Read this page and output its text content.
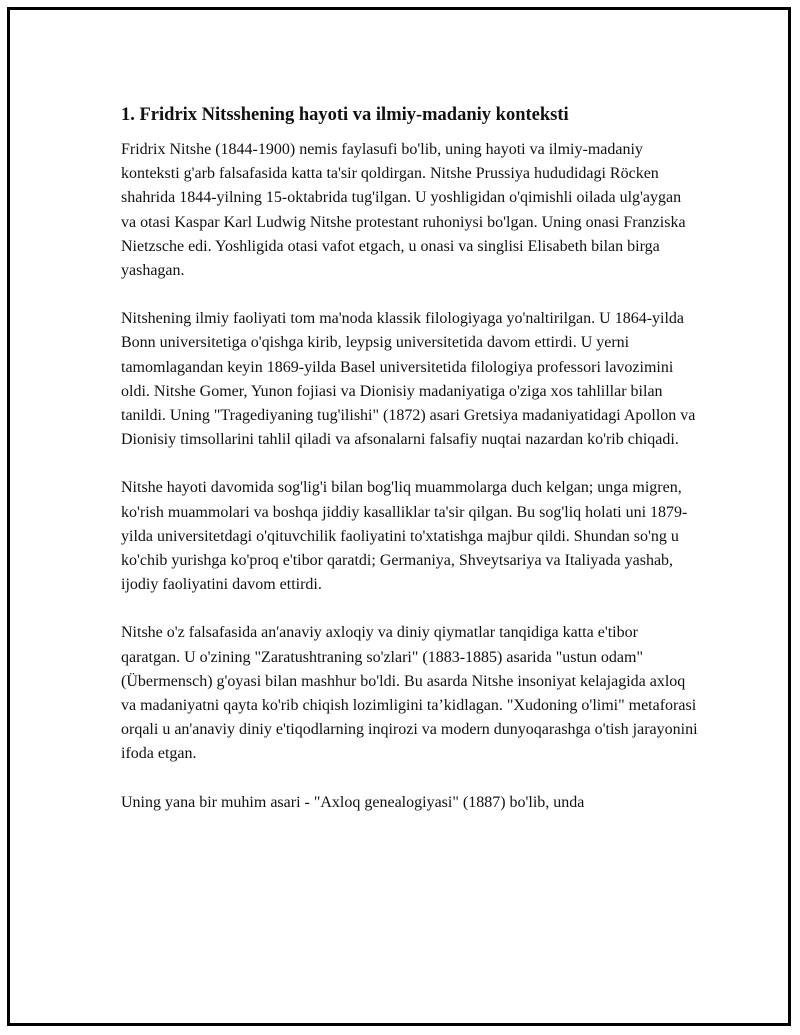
1. Fridrix Nitsshening hayoti va ilmiy-madaniy konteksti

Fridrix Nitshe (1844-1900) nemis faylasufi bo'lib, uning hayoti va ilmiy-madaniy konteksti g'arb falsafasida katta ta'sir qoldirgan. Nitshe Prussiya hududidagi Röcken shahrida 1844-yilning 15-oktabrida tug'ilgan. U yoshligidan o'qimishli oilada ulg'aygan va otasi Kaspar Karl Ludwig Nitshe protestant ruhoniysi bo'lgan. Uning onasi Franziska Nietzsche edi. Yoshligida otasi vafot etgach, u onasi va singlisi Elisabeth bilan birga yashagan.

Nitshening ilmiy faoliyati tom ma'noda klassik filologiyaga yo'naltirilgan. U 1864-yilda Bonn universitetiga o'qishga kirib, leypsig universitetida davom ettirdi. U yerni tamomlagandan keyin 1869-yilda Basel universitetida filologiya professori lavozimini oldi. Nitshe Gomer, Yunon fojiasi va Dionisiy madaniyatiga o'ziga xos tahlillar bilan tanildi. Uning "Tragediyaning tug'ilishi" (1872) asari Gretsiya madaniyatidagi Apollon va Dionisiy timsollarini tahlil qiladi va afsonalarni falsafiy nuqtai nazardan ko'rib chiqadi.

Nitshe hayoti davomida sog'lig'i bilan bog'liq muammolarga duch kelgan; unga migren, ko'rish muammolari va boshqa jiddiy kasalliklar ta'sir qilgan. Bu sog'liq holati uni 1879-yilda universitetdagi o'qituvchilik faoliyatini to'xtatishga majbur qildi. Shundan so'ng u ko'chib yurishga ko'proq e'tibor qaratdi; Germaniya, Shveytsariya va Italiyada yashab, ijodiy faoliyatini davom ettirdi.

Nitshe o'z falsafasida an'anaviy axloqiy va diniy qiymatlar tanqidiga katta e'tibor qaratgan. U o'zining "Zaratushtraning so'zlari" (1883-1885) asarida "ustun odam" (Übermensch) g'oyasi bilan mashhur bo'ldi. Bu asarda Nitshe insoniyat kelajagida axloq va madaniyatni qayta ko'rib chiqish lozimligini ta’kidlagan. "Xudoning o'limi" metaforasi orqali u an'anaviy diniy e'tiqodlarning inqirozi va modern dunyoqarashga o'tish jarayonini ifoda etgan.

Uning yana bir muhim asari - "Axloq genealogiyasi" (1887) bo'lib, unda
